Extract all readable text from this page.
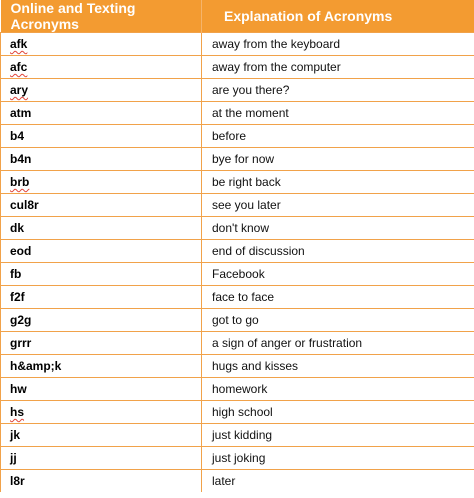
Online and Texting Acronyms	Explanation of Acronyms
afk	away from the keyboard
afc	away from the computer
ary	are you there?
atm	at the moment
b4	before
b4n	bye for now
brb	be right back
cul8r	see you later
dk	don't know
eod	end of discussion
fb	Facebook
f2f	face to face
g2g	got to go
grrr	a sign of anger or frustration
h&amp;k	hugs and kisses
hw	homework
hs	high school
jk	just kidding
jj	just joking
l8r	later
